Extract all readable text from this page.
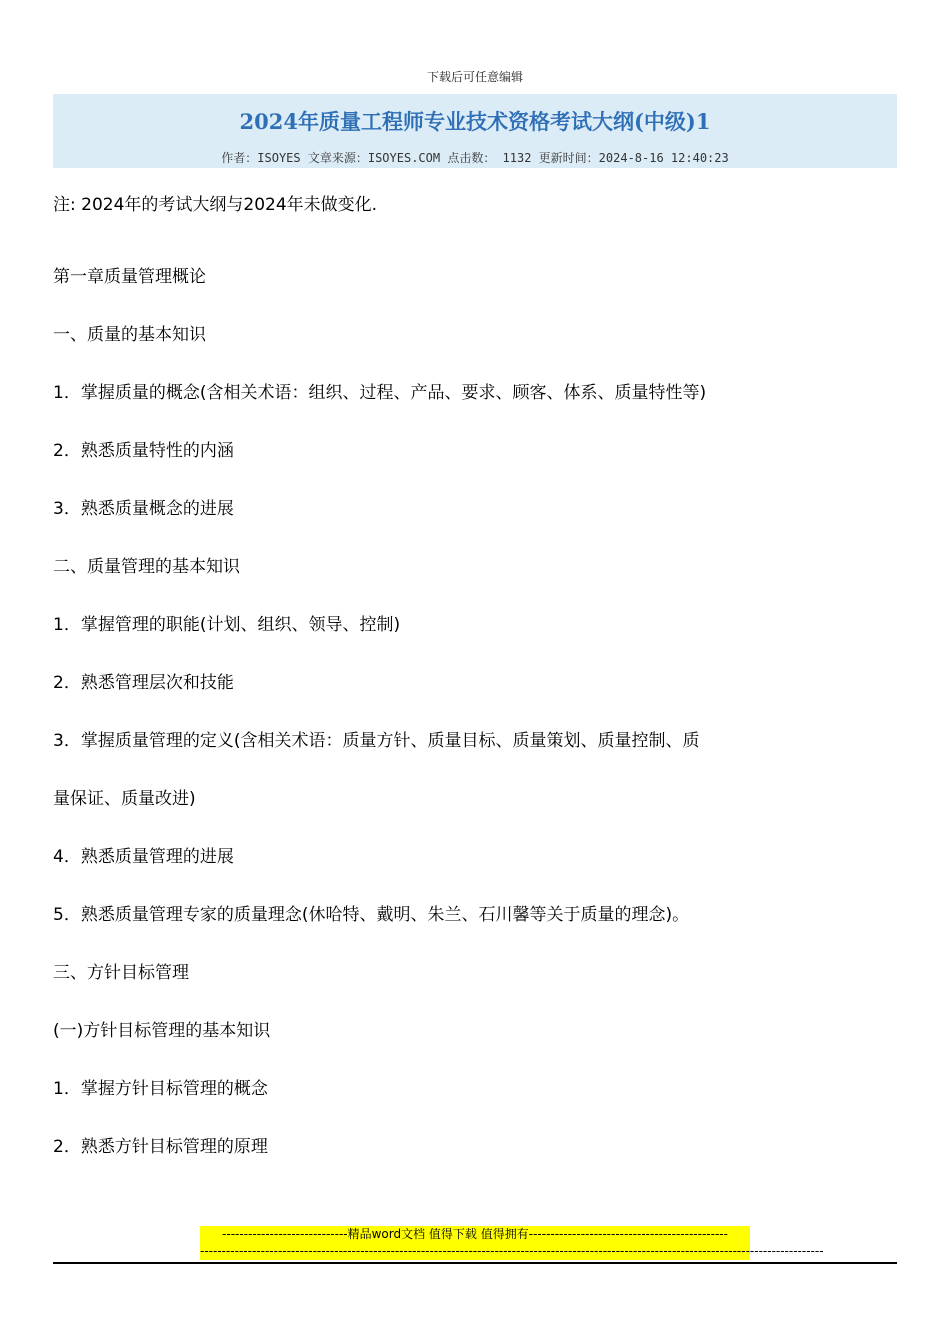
下载后可任意编辑
2024年质量工程师专业技术资格考试大纲(中级)1
作者：ISOYES 文章来源：ISOYES.COM 点击数： 1132 更新时间：2024-8-16 12:40:23
注: 2024年的考试大纲与2024年未做变化.
第一章质量管理概论
一、质量的基本知识
1．掌握质量的概念(含相关术语：组织、过程、产品、要求、顾客、体系、质量特性等)
2．熟悉质量特性的内涵
3．熟悉质量概念的进展
二、质量管理的基本知识
1．掌握管理的职能(计划、组织、领导、控制)
2．熟悉管理层次和技能
3．掌握质量管理的定义(含相关术语：质量方针、质量目标、质量策划、质量控制、质
量保证、质量改进)
4．熟悉质量管理的进展
5．熟悉质量管理专家的质量理念(休哈特、戴明、朱兰、石川馨等关于质量的理念)。
三、方针目标管理
(一)方针目标管理的基本知识
1．掌握方针目标管理的概念
2．熟悉方针目标管理的原理
-----------------------------精品word文档 值得下载 值得拥有----------------------------------------------
------------------------------------------------------------------------------------------------------------------------------------------------
